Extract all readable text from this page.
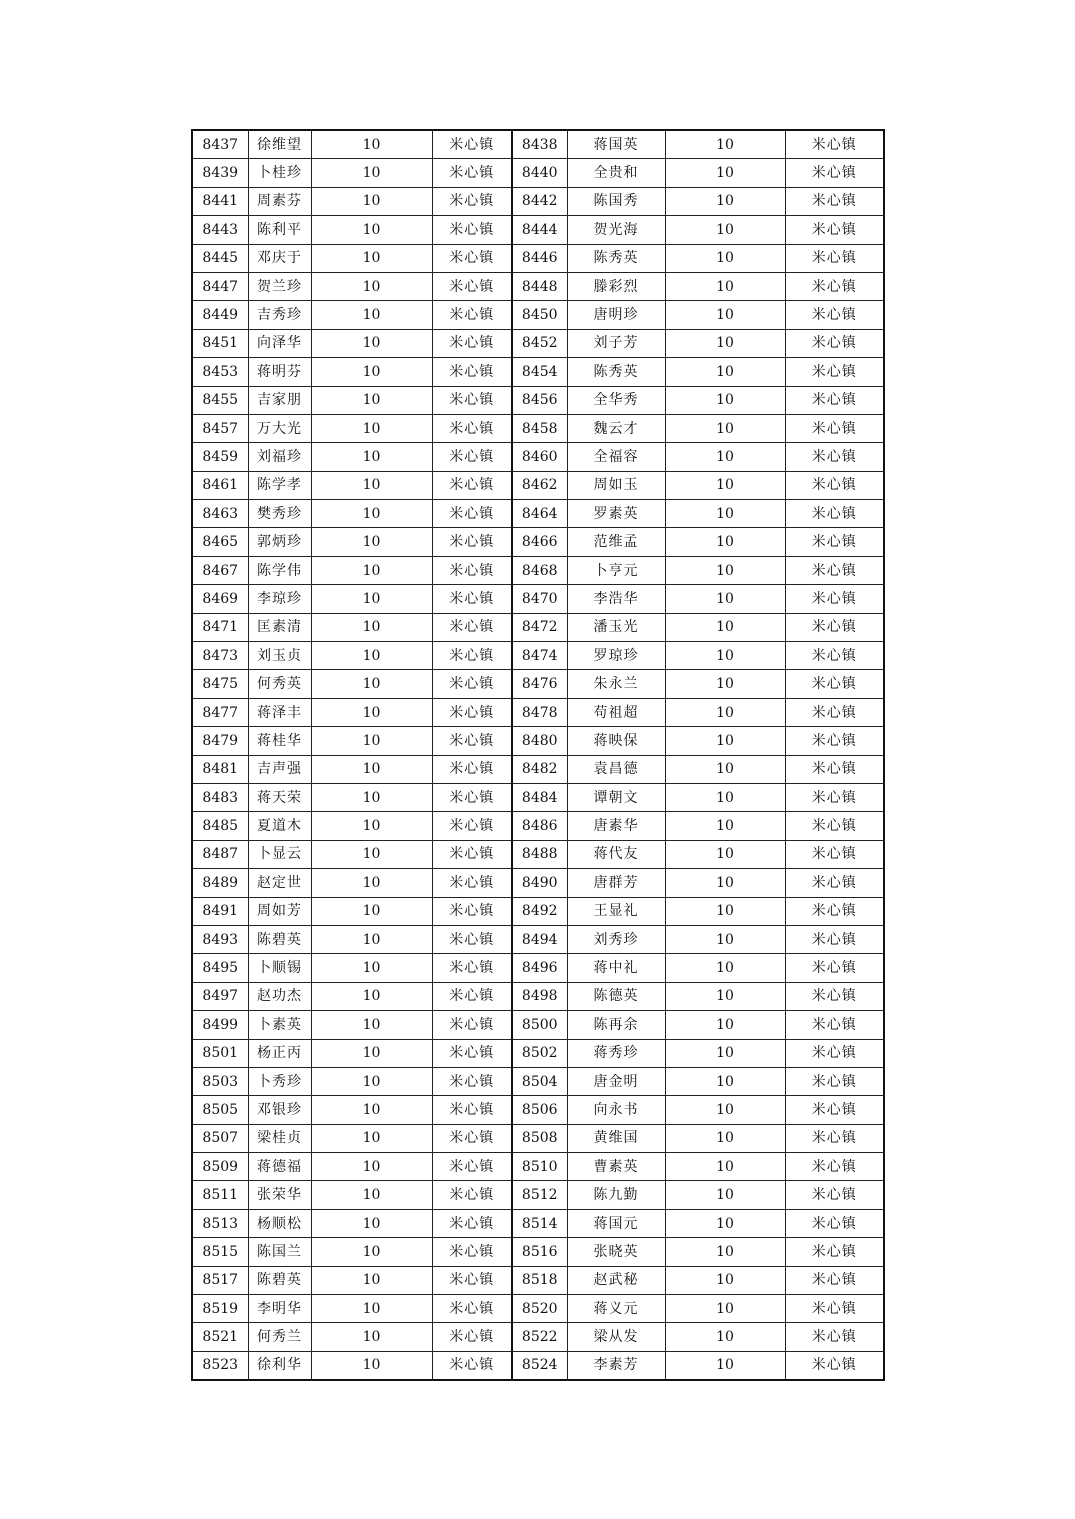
8437	徐维望	10	米心镇	8438	蒋国英	10	米心镇
8439	卜桂珍	10	米心镇	8440	全贵和	10	米心镇
8441	周素芬	10	米心镇	8442	陈国秀	10	米心镇
8443	陈利平	10	米心镇	8444	贺光海	10	米心镇
8445	邓庆于	10	米心镇	8446	陈秀英	10	米心镇
8447	贺兰珍	10	米心镇	8448	滕彩烈	10	米心镇
8449	吉秀珍	10	米心镇	8450	唐明珍	10	米心镇
8451	向泽华	10	米心镇	8452	刘子芳	10	米心镇
8453	蒋明芬	10	米心镇	8454	陈秀英	10	米心镇
8455	吉家朋	10	米心镇	8456	全华秀	10	米心镇
8457	万大光	10	米心镇	8458	魏云才	10	米心镇
8459	刘福珍	10	米心镇	8460	全福容	10	米心镇
8461	陈学孝	10	米心镇	8462	周如玉	10	米心镇
8463	樊秀珍	10	米心镇	8464	罗素英	10	米心镇
8465	郭炳珍	10	米心镇	8466	范维孟	10	米心镇
8467	陈学伟	10	米心镇	8468	卜亨元	10	米心镇
8469	李琼珍	10	米心镇	8470	李浩华	10	米心镇
8471	匡素清	10	米心镇	8472	潘玉光	10	米心镇
8473	刘玉贞	10	米心镇	8474	罗琼珍	10	米心镇
8475	何秀英	10	米心镇	8476	朱永兰	10	米心镇
8477	蒋泽丰	10	米心镇	8478	苟祖超	10	米心镇
8479	蒋桂华	10	米心镇	8480	蒋映保	10	米心镇
8481	吉声强	10	米心镇	8482	袁昌德	10	米心镇
8483	蒋天荣	10	米心镇	8484	谭朝文	10	米心镇
8485	夏道木	10	米心镇	8486	唐素华	10	米心镇
8487	卜显云	10	米心镇	8488	蒋代友	10	米心镇
8489	赵定世	10	米心镇	8490	唐群芳	10	米心镇
8491	周如芳	10	米心镇	8492	王显礼	10	米心镇
8493	陈碧英	10	米心镇	8494	刘秀珍	10	米心镇
8495	卜顺锡	10	米心镇	8496	蒋中礼	10	米心镇
8497	赵功杰	10	米心镇	8498	陈德英	10	米心镇
8499	卜素英	10	米心镇	8500	陈再余	10	米心镇
8501	杨正丙	10	米心镇	8502	蒋秀珍	10	米心镇
8503	卜秀珍	10	米心镇	8504	唐金明	10	米心镇
8505	邓银珍	10	米心镇	8506	向永书	10	米心镇
8507	梁桂贞	10	米心镇	8508	黄维国	10	米心镇
8509	蒋德福	10	米心镇	8510	曹素英	10	米心镇
8511	张荣华	10	米心镇	8512	陈九勤	10	米心镇
8513	杨顺松	10	米心镇	8514	蒋国元	10	米心镇
8515	陈国兰	10	米心镇	8516	张晓英	10	米心镇
8517	陈碧英	10	米心镇	8518	赵武秘	10	米心镇
8519	李明华	10	米心镇	8520	蒋义元	10	米心镇
8521	何秀兰	10	米心镇	8522	梁从发	10	米心镇
8523	徐利华	10	米心镇	8524	李素芳	10	米心镇
